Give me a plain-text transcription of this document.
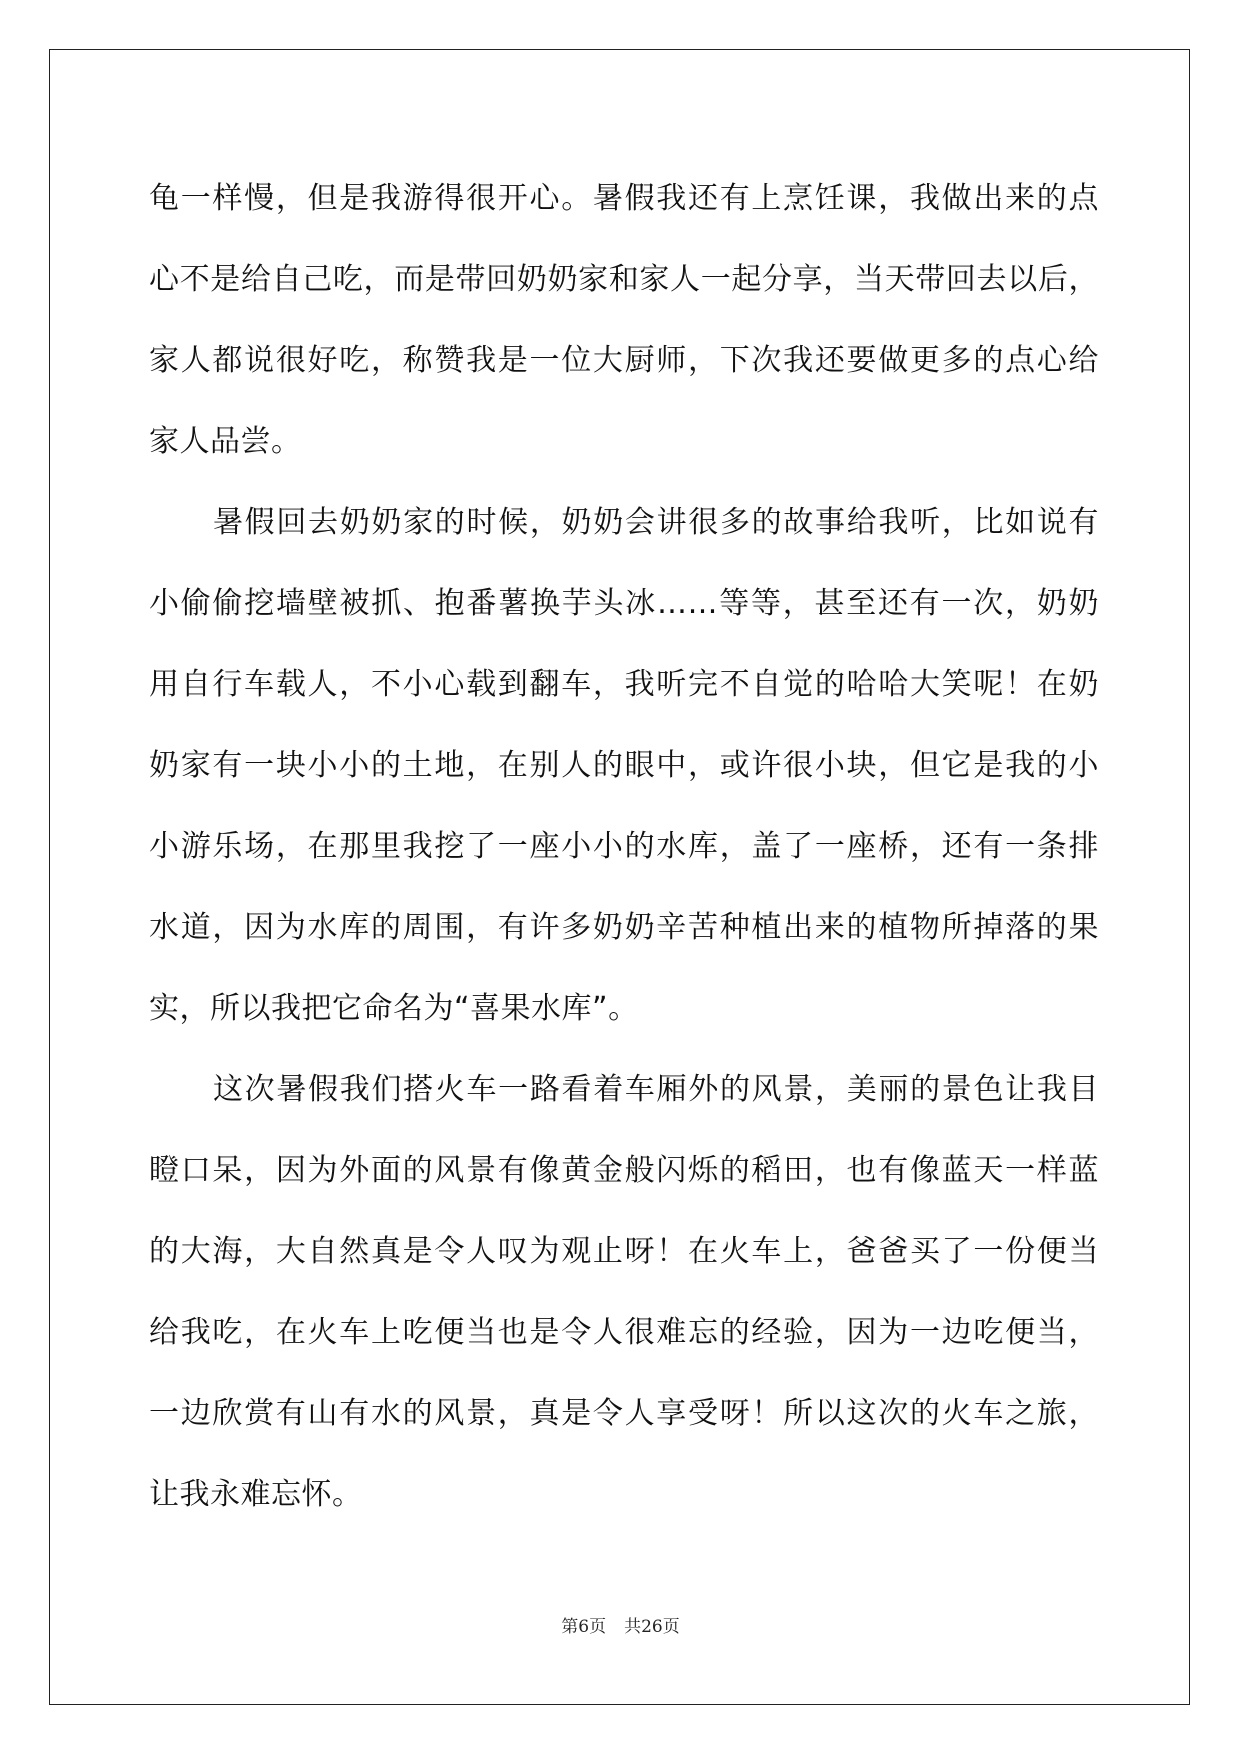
龟一样慢，但是我游得很开心。暑假我还有上烹饪课，我做出来的点
心不是给自己吃，而是带回奶奶家和家人一起分享，当天带回去以后，
家人都说很好吃，称赞我是一位大厨师，下次我还要做更多的点心给
家人品尝。
暑假回去奶奶家的时候，奶奶会讲很多的故事给我听，比如说有
小偷偷挖墙壁被抓、抱番薯换芋头冰……等等，甚至还有一次，奶奶
用自行车载人，不小心载到翻车，我听完不自觉的哈哈大笑呢！在奶
奶家有一块小小的土地，在别人的眼中，或许很小块，但它是我的小
小游乐场，在那里我挖了一座小小的水库，盖了一座桥，还有一条排
水道，因为水库的周围，有许多奶奶辛苦种植出来的植物所掉落的果
实，所以我把它命名为“喜果水库”。
这次暑假我们搭火车一路看着车厢外的风景，美丽的景色让我目
瞪口呆，因为外面的风景有像黄金般闪烁的稻田，也有像蓝天一样蓝
的大海，大自然真是令人叹为观止呀！在火车上，爸爸买了一份便当
给我吃，在火车上吃便当也是令人很难忘的经验，因为一边吃便当，
一边欣赏有山有水的风景，真是令人享受呀！所以这次的火车之旅，
让我永难忘怀。
第6页 共26页
